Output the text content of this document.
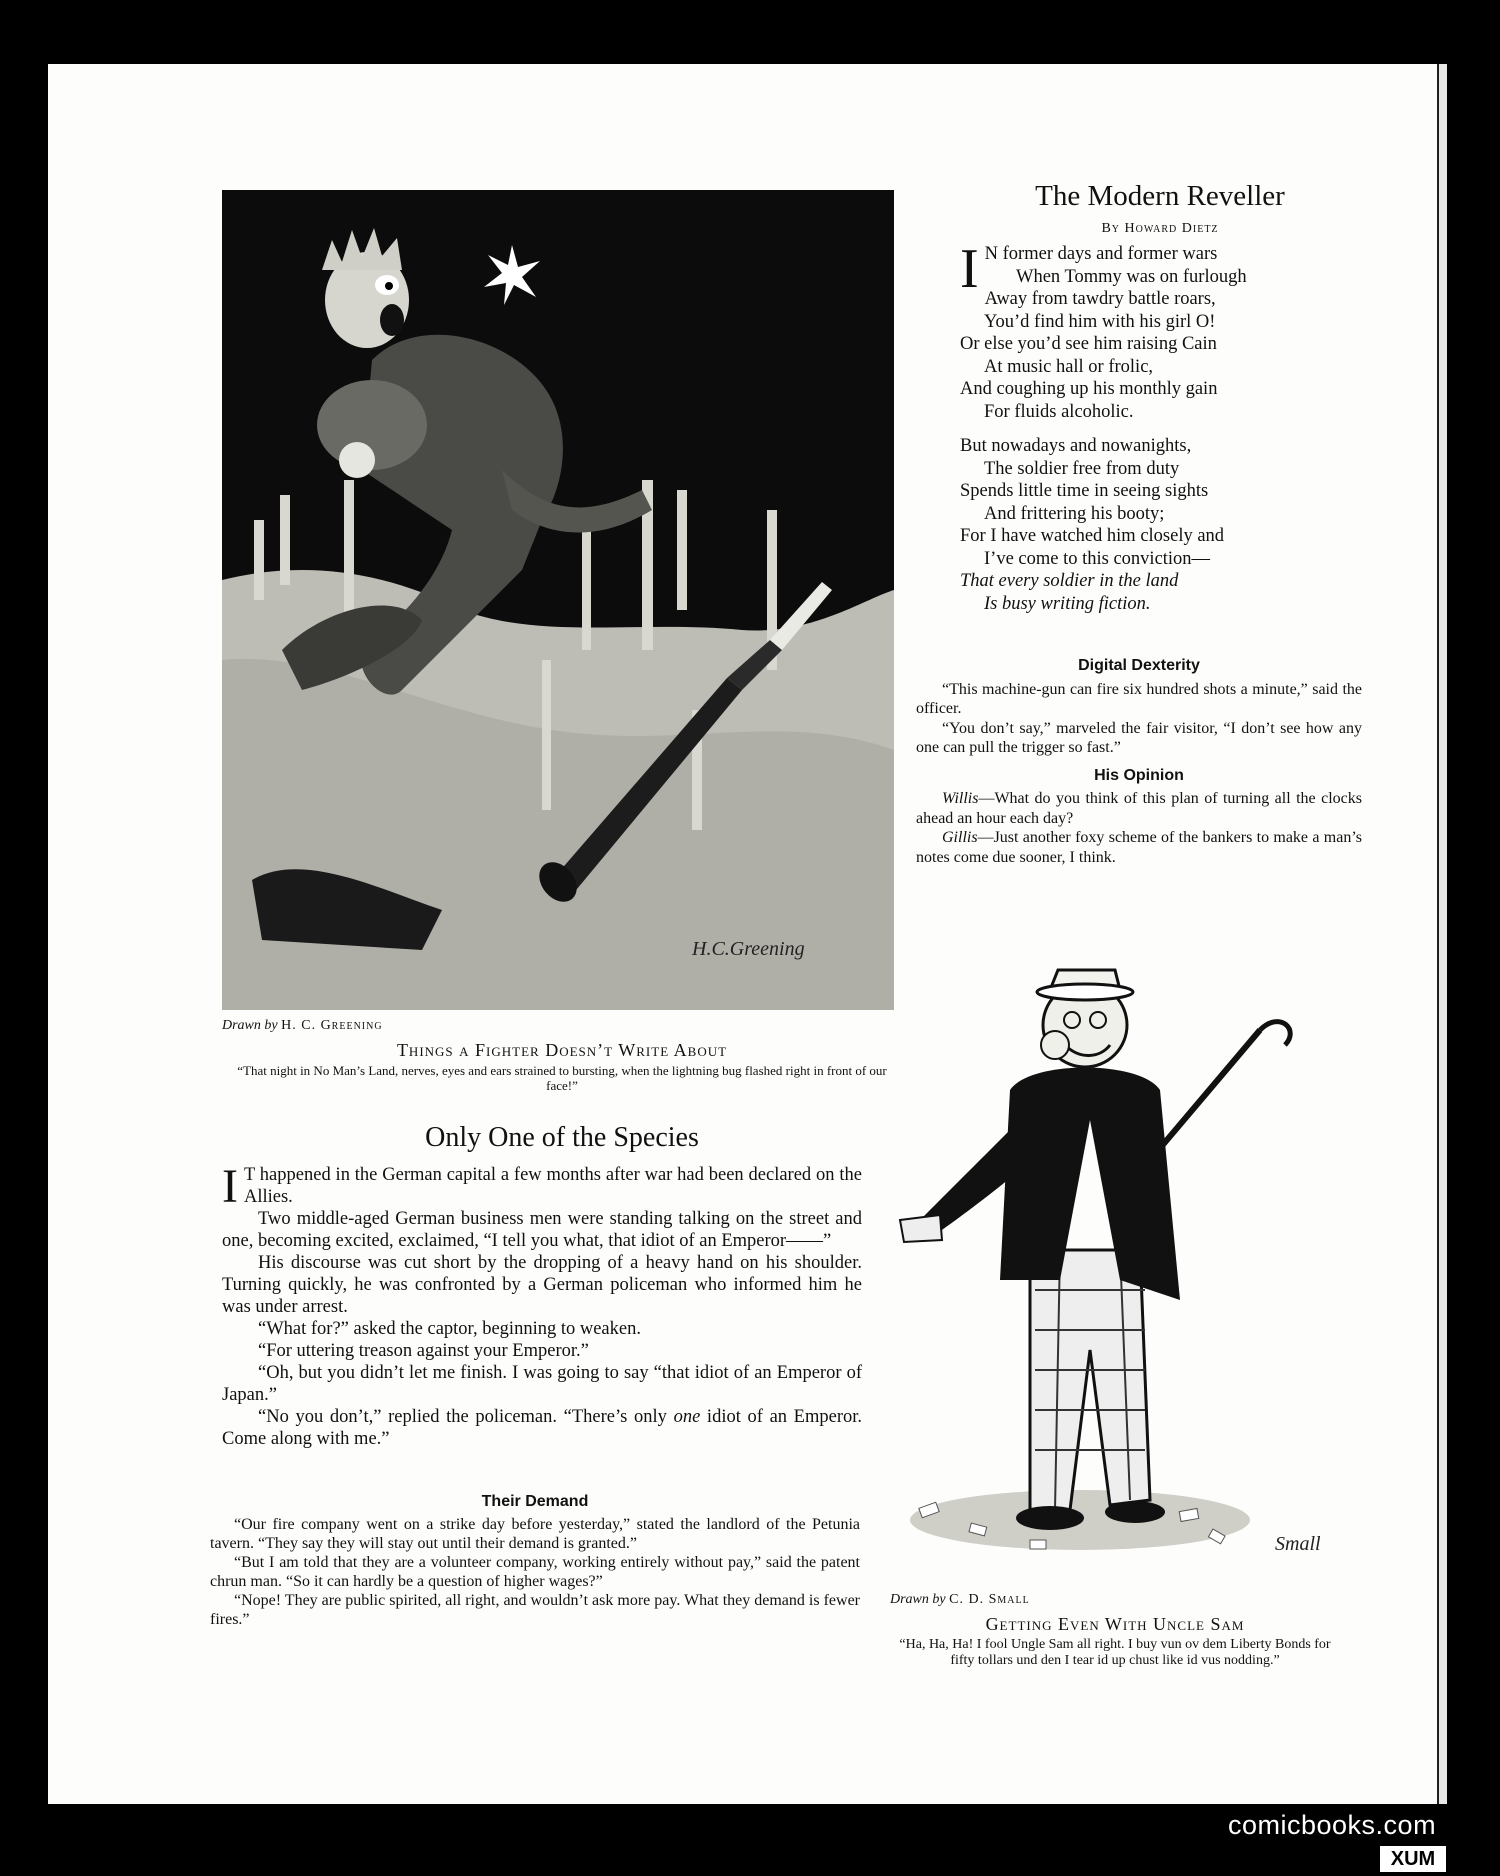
H.C.Greening
Drawn by H. C. Greening
Things a Fighter Doesn’t Write About
“That night in No Man’s Land, nerves, eyes and ears strained to bursting, when the lightning bug flashed right in front of our face!”
Only One of the Species

I T happened in the German capital a few months after war had been declared on the Allies.

Two middle-aged German business men were standing talking on the street and one, becoming excited, exclaimed, “I tell you what, that idiot of an Emperor——”

His discourse was cut short by the dropping of a heavy hand on his shoulder. Turning quickly, he was confronted by a German policeman who informed him he was under arrest.

“What for?” asked the captor, beginning to weaken.

“For uttering treason against your Emperor.”

“Oh, but you didn’t let me finish. I was going to say “that idiot of an Emperor of Japan.”

“No you don’t,” replied the policeman. “There’s only one idiot of an Emperor. Come along with me.”

Their Demand

“Our fire company went on a strike day before yesterday,” stated the landlord of the Petunia tavern. “They say they will stay out until their demand is granted.”

“But I am told that they are a volunteer company, working entirely without pay,” said the patent chrun man. “So it can hardly be a question of higher wages?”

“Nope! They are public spirited, all right, and wouldn’t ask more pay. What they demand is fewer fires.”

The Modern Reveller
By Howard Dietz
I N former days and former wars
When Tommy was on furlough
Away from tawdry battle roars,
You’d find him with his girl O!
Or else you’d see him raising Cain
At music hall or frolic,
And coughing up his monthly gain
For fluids alcoholic.
But nowadays and nowanights,
The soldier free from duty
Spends little time in seeing sights
And frittering his booty;
For I have watched him closely and
I’ve come to this conviction—
That every soldier in the land
Is busy writing fiction.
Digital Dexterity

“This machine-gun can fire six hundred shots a minute,” said the officer.

“You don’t say,” marveled the fair visitor, “I don’t see how any one can pull the trigger so fast.”

His Opinion

Willis—What do you think of this plan of turning all the clocks ahead an hour each day?

Gillis—Just another foxy scheme of the bankers to make a man’s notes come due sooner, I think.

Small
Drawn by C. D. Small
Getting Even With Uncle Sam
“Ha, Ha, Ha! I fool Ungle Sam all right. I buy vun ov dem Liberty Bonds for fifty tollars und den I tear id up chust like id vus nodding.”
comicbooks.com
XUM
